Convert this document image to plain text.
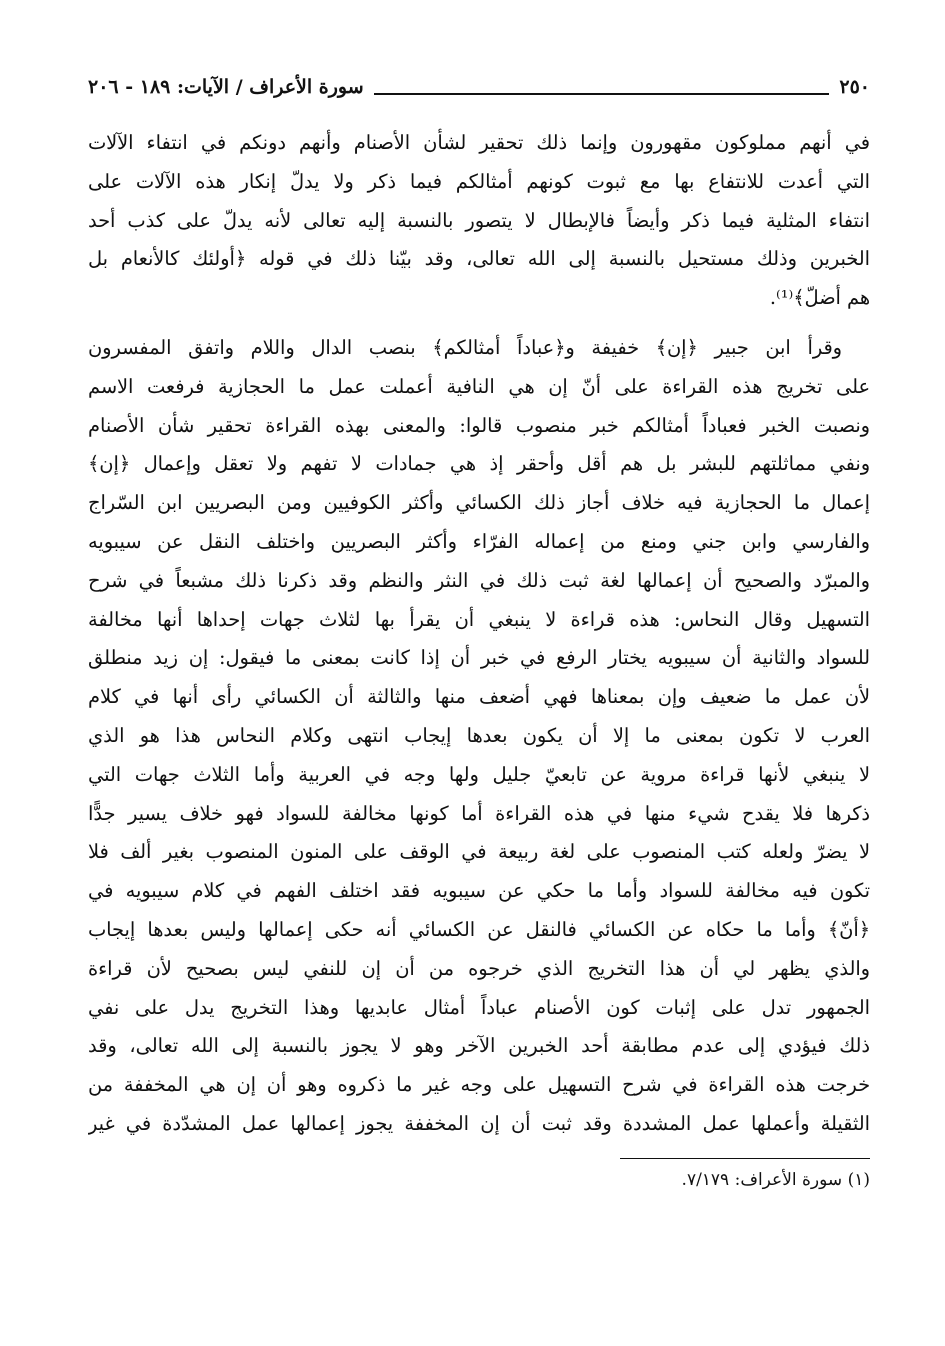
٢٥٠
سورة الأعراف / الآيات: ١٨٩ - ٢٠٦
في أنهم مملوكون مقهورون وإنما ذلك تحقير لشأن الأصنام وأنهم دونكم في انتفاء الآلات
التي أعدت للانتفاع بها مع ثبوت كونهم أمثالكم فيما ذكر ولا يدلّ إنكار هذه الآلات على
انتفاء المثلية فيما ذكر وأيضاً فالإبطال لا يتصور بالنسبة إليه تعالى لأنه يدلّ على كذب أحد
الخبرين وذلك مستحيل بالنسبة إلى الله تعالى، وقد بيّنا ذلك في قوله ﴿أولئك كالأنعام بل
هم أضلّ﴾⁽¹⁾.
وقرأ ابن جبير ﴿إن﴾ خفيفة و﴿عباداً أمثالكم﴾ بنصب الدال واللام واتفق المفسرون
على تخريج هذه القراءة على أنّ إن هي النافية أعملت عمل ما الحجازية فرفعت الاسم
ونصبت الخبر فعباداً أمثالكم خبر منصوب قالوا: والمعنى بهذه القراءة تحقير شأن الأصنام
ونفي مماثلتهم للبشر بل هم أقل وأحقر إذ هي جمادات لا تفهم ولا تعقل وإعمال ﴿إن﴾
إعمال ما الحجازية فيه خلاف أجاز ذلك الكسائي وأكثر الكوفيين ومن البصريين ابن السّراج
والفارسي وابن جني ومنع من إعماله الفرّاء وأكثر البصريين واختلف النقل عن سيبويه
والمبرّد والصحيح أن إعمالها لغة ثبت ذلك في النثر والنظم وقد ذكرنا ذلك مشبعاً في شرح
التسهيل وقال النحاس: هذه قراءة لا ينبغي أن يقرأ بها لثلاث جهات إحداها أنها مخالفة
للسواد والثانية أن سيبويه يختار الرفع في خبر أن إذا كانت بمعنى ما فيقول: إن زيد منطلق
لأن عمل ما ضعيف وإن بمعناها فهي أضعف منها والثالثة أن الكسائي رأى أنها في كلام
العرب لا تكون بمعنى ما إلا أن يكون بعدها إيجاب انتهى وكلام النحاس هذا هو الذي
لا ينبغي لأنها قراءة مروية عن تابعيّ جليل ولها وجه في العربية وأما الثلاث جهات التي
ذكرها فلا يقدح شيء منها في هذه القراءة أما كونها مخالفة للسواد فهو خلاف يسير جدًّا
لا يضرّ ولعله كتب المنصوب على لغة ربيعة في الوقف على المنون المنصوب بغير ألف فلا
تكون فيه مخالفة للسواد وأما ما حكي عن سيبويه فقد اختلف الفهم في كلام سيبويه في
﴿أنّ﴾ وأما ما حكاه عن الكسائي فالنقل عن الكسائي أنه حكى إعمالها وليس بعدها إيجاب
والذي يظهر لي أن هذا التخريج الذي خرجوه من أن إن للنفي ليس بصحيح لأن قراءة
الجمهور تدل على إثبات كون الأصنام عباداً أمثال عابديها وهذا التخريج يدل على نفي
ذلك فيؤدي إلى عدم مطابقة أحد الخبرين الآخر وهو لا يجوز بالنسبة إلى الله تعالى، وقد
خرجت هذه القراءة في شرح التسهيل على وجه غير ما ذكروه وهو أن إن هي المخففة من
الثقيلة وأعملها عمل المشددة وقد ثبت أن إن المخففة يجوز إعمالها عمل المشدّدة في غير
(١) سورة الأعراف: ٧/١٧٩.
